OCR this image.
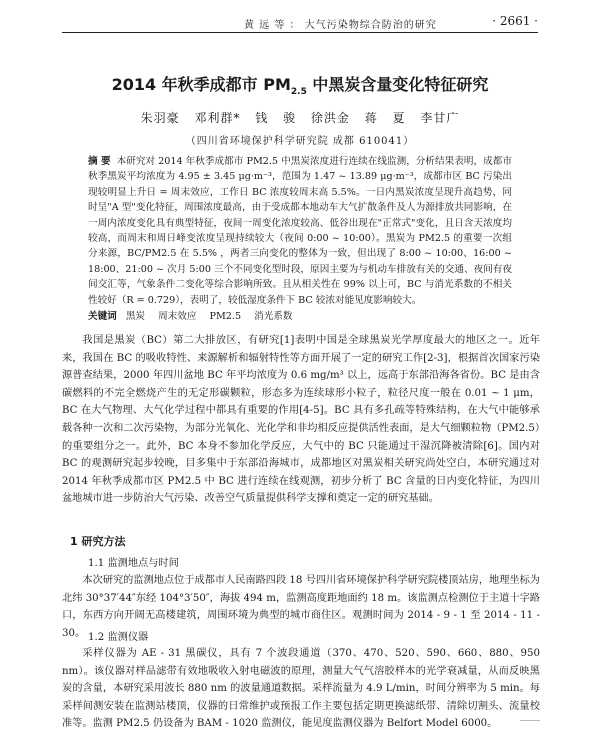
黄 远 等 ： 大气污染物综合防治的研究	· 2661 ·
2014 年秋季成都市 $PM_{2.5}$ 中黑炭含量变化特征研究
朱羽豪 邓利群* 钱 骏 徐洪金 蒋 夏 李甘广
（四川省环境保护科学研究院 成都 610041）
摘 要 本研究对 2014 年秋季成都市 PM2.5 中黑炭浓度进行连续在线监测，分析结果表明，成都市秋季黑炭平均浓度为 4.95 ± 3.45 μg·m⁻³，范围为 1.47 ~ 13.89 μg·m⁻³，成都市区 BC 污染出现较明显上升日 = 周末效应，工作日 BC 浓度较周末高 5.5%。一日内黑炭浓度呈现升高趋势，同时呈"A 型"变化特征，周围浓度最高，由于受成都本地动车大气扩散条件及人为源排放共同影响，在一周内浓度变化具有典型特征，夜间一周变化浓度较高、低谷出现在"正常式"变化，且日含天浓度均较高，而周末和周日峰变浓度呈现持续较大（夜间 0:00 ~ 10:00）。黑炭为 PM2.5 的重要一次组分来源，BC/PM2.5 在 5.5% ，两者三向变化的整体为一致，但出现了 8:00 ~ 10:00、16:00 ~ 18:00、21:00 ~ 次月 5:00 三个不同变化型时段，原因主要为与机动车排放有关的交通、夜间有夜间交汇等，气象条件二变化等综合影响所致。且从相关性在 99% 以上可，BC 与消光系数的不相关性较好（R = 0.729），表明了，较低湿度条件下 BC 较浓对能见度影响较大。
关键词 黑炭 周末效应 PM2.5 消光系数

我国是黑炭（BC）第二大排放区，有研究[1]表明中国是全球黑炭光学厚度最大的地区之一。近年来，我国在 BC 的吸收特性、来源解析和辐射特性等方面开展了一定的研究工作[2-3]，根据首次国家污染源普查结果，2000 年四川盆地 BC 年平均浓度为 0.6 mg/m³ 以上，远高于东部沿海各省份。BC 是由含碳燃料的不完全燃烧产生的无定形碳颗粒，形态多为连续球形小粒子，粒径尺度一般在 0.01 ~ 1 μm，BC 在大气物理、大气化学过程中都具有重要的作用[4-5]。BC 具有多孔疏等特殊结构，在大气中能够承载各种一次和二次污染物，为部分光氧化、光化学和非均相反应提供活性表面，是大气细颗粒物（PM2.5）的重要组分之一。此外，BC 本身不参加化学反应，大气中的 BC 只能通过干湿沉降被清除[6]。国内对 BC 的观测研究起步较晚，目多集中于东部沿海城市，成都地区对黑炭相关研究尚处空白，本研究通过对 2014 年秋季成都市区 PM2.5 中 BC 进行连续在线观测，初步分析了 BC 含量的日内变化特征，为四川盆地城市进一步防治大气污染、改善空气质量提供科学支撑和奠定一定的研究基础。

1 研究方法
1.1 监测地点与时间

本次研究的监测地点位于成都市人民南路四段 18 号四川省环境保护科学研究院楼顶站房，地理坐标为北纬 30°37′44″东经 104°3′50″，海拔 494 m，监测高度距地面约 18 m。该监测点检测位于主道十字路口，东西方向开阔无高楼建筑，周围环境为典型的城市商住区。观测时间为 2014 - 9 - 1 至 2014 - 11 - 30。 1.2 监测仪器

采样仪器为 AE - 31 黑碳仪，具有 7 个波段通道（370、470、520、590、660、880、950 nm）。该仪器对样品滤带有效地吸收入射电磁波的原理，测量大气气溶胶样本的光学衰减量，从而反映黑炭的含量，本研究采用波长 880 nm 的波量通道数据。采样流量为 4.9 L/min，时间分辨率为 5 min。每采样间测安装在监测站楼顶，仪器的日常维护或预报工作主要包括定期更换滤纸带、清除切割头、流量校准等。监测 PM2.5 仍设备为 BAM - 1020 监测仪，能见度监测仪器为 Belfort Model 6000。
